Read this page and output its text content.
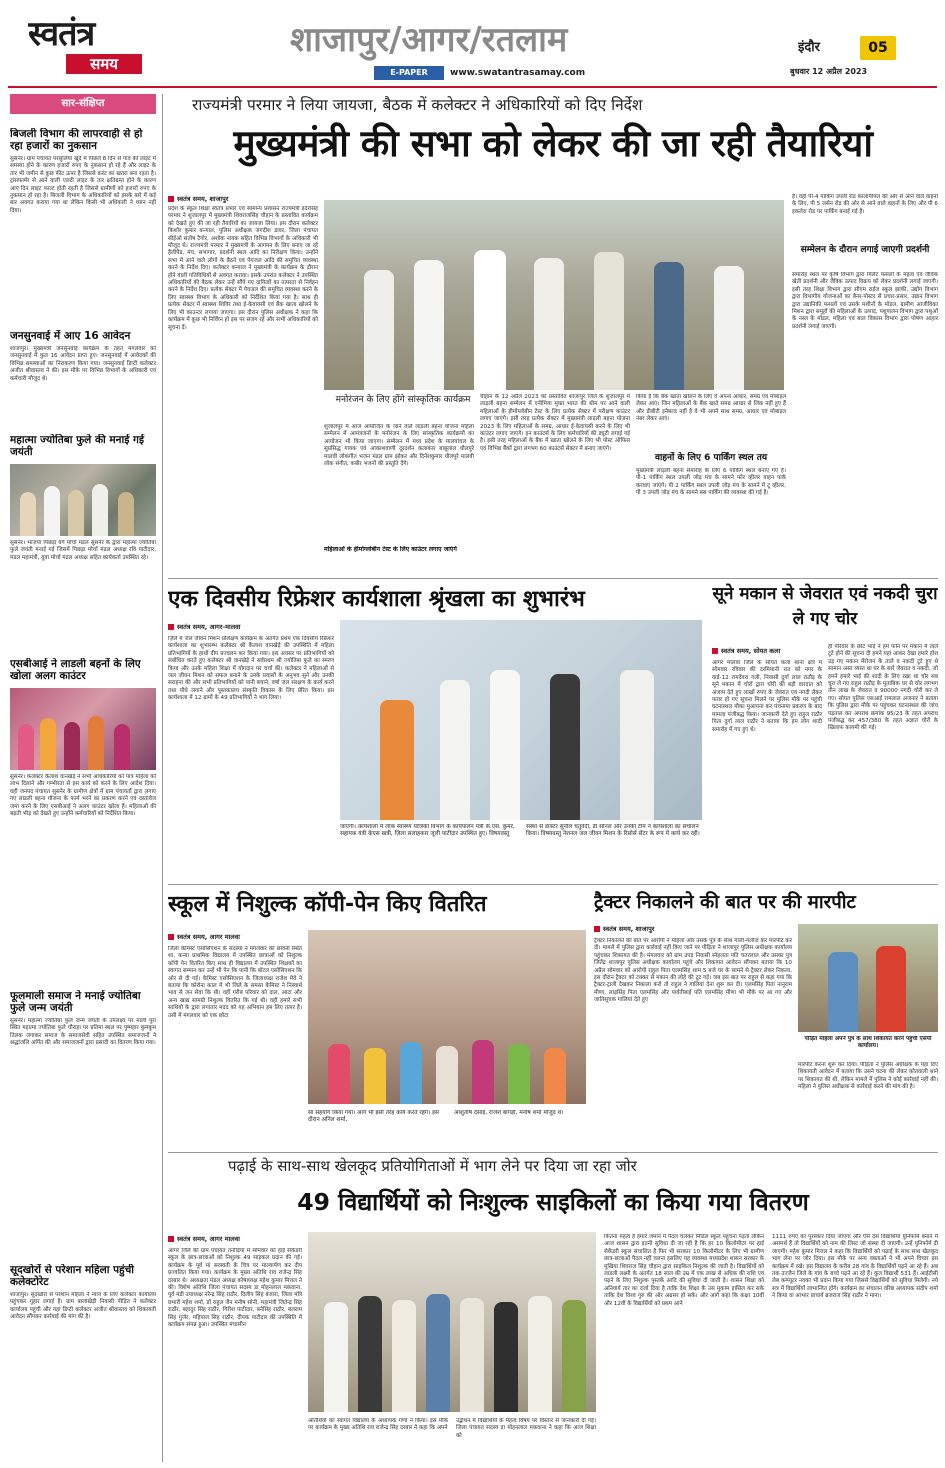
स्वतंत्र
समय
शाजापुर/आगर/रतलाम
E-PAPER	www.swatantrasamay.com
इंदौर	05
बुधवार 12 अप्रैल 2023
सार-संक्षिप्त
बिजली विभाग की लापरवाही से हो रहा हजारों का नुकसान
सुसनेर। ग्राम पंचायत परसुलिया खुर्द में पिछले 8 दिन से गांव की लाइट में समस्या होने के कारण हजारों रुपए के नुकसान हो रहे हैं और लाइट के तार भी जमीन से कुछ फीट ऊपर है जिससे करंट का खतरा बना रहता है। ट्रांसफार्मर से आने वाली एलटी लाइट के तार क्षतिग्रस्त होने के कारण आए दिन लाइट फाल्ट होती रहती है जिससे ग्रामीणों को हजारों रुपए के नुकसान हो रहा है। बिजली विभाग के अधिकारियों को इसके बारे में कई बार अवगत कराया गया था लेकिन किसी भी अधिकारी ने ध्यान नहीं दिया।
जनसुनवाई में आए 16 आवेदन
शाजापुर। मुख्यमंत्री जनसुनवाई कार्यक्रम के तहत मंगलवार को जनसुनवाई में कुल 16 आवेदन प्राप्त हुए। जनसुनवाई में आवेदकों की विभिन्न समस्याओं का निराकरण किया गया। जनसुनवाई डिप्टी कलेक्टर अजीत श्रीवास्तव ने की। इस मौके पर विभिन्न विभागों के अधिकारी एवं कर्मचारी मौजूद थे।
महात्मा ज्योतिबा फुले की मनाई गई जयंती
सुसनेर। भाजपा पिछड़ा वर्ग मोर्चा मंडल सुसनेर के द्वारा महात्मा ज्योतिबा फुले जयंती मनाई गई जिसमें पिछड़ा मोर्चा मंडल अध्यक्ष रवि पाटीदार, मंडल महामंत्री, युवा मोर्चा मंडल अध्यक्ष सहित कार्यकर्ता उपस्थित रहे।
एसबीआई ने लाडली बहनों के लिए खोला अलग काउंटर
सुसनेर। कलेक्टर कैलाश वानखेड़े ने सभी अधिकारियों को पात्र महिला को लाभ दिलाने और गम्भीरता से इस कार्य को करने के लिए आदेश दिया। वहीं जनपद पंचायत सुसनेर के ग्रामीण क्षेत्रों में ग्राम पंचायतों द्वारा लगाए गए लाडली बहना योजना के फार्म भरने का प्रकरण करने एवं दस्तावेज जमा करने के लिए एसबीआई ने अलग काउंटर खोला है। महिलाओं की बढ़ती भीड़ को देखते हुए उन्होंने कर्मचारियों को निर्देशित किया।
फूलमाली समाज ने मनाई ज्योतिबा फुले जन्म जयंती
सुसनेर। महात्मा ज्योतिबा फुले जन्म जयंती के उपलक्ष्य पर माली पुरा स्थित महात्मा ज्योतिबा फुले चौराहा पर प्रतिमा स्थल पर पुष्पहार कुमकुम तिलक लगाकर समाज के समाजसेवी सहित उपस्थित समाजजनों ने श्रद्धांजलि अर्पित की और समाजजनों द्वारा प्रसादी का वितरण किया गया।
सूदखोरों से परेशान महिला पहुंची कलेक्टोरेट
शाजापुर। सूदखोरों से परेशान महिला ने न्याय के लिए कलेक्टर कार्यालय पहुंचकर गुहार लगाई है। ग्राम बालाखेड़ी निवासी पीड़ित ने कलेक्टर कार्यालय पहुंची और यहां डिप्टी कलेक्टर अजीत श्रीवास्तव को शिकायती आवेदन सौंपकर कार्रवाई की मांग की है।
राज्यमंत्री परमार ने लिया जायजा, बैठक में कलेक्टर ने अधिकारियों को दिए निर्देश
मुख्यमंत्री की सभा को लेकर की जा रही तैयारियां
स्वतंत्र समय, शाजापुर
प्रदेश के स्कूल शिक्षा स्वतंत्र प्रभार एवं सामान्य प्रशासन राज्यमंत्री इंदरसिंह परमार ने शुजालपुर में मुख्यमंत्री शिवराजसिंह चौहान के प्रस्तावित कार्यक्रम को देखते हुए की जा रही तैयारियों का जायजा लिया। इस दौरान कलेक्टर किशोर कुमार कन्याल, पुलिस अधीक्षक जगदीश डावर, जिला पंचायत सीईओ संतोष टैगोर, अशोक नायक सहित विभिन्न विभागों के अधिकारी भी मौजूद थे। राज्यमंत्री परमार ने मुख्यमंत्री के आगमन के लिए बनाए जा रहे हैलीपैड, मंच, सभागार, प्रदर्शनी स्थल आदि का निरीक्षण किया। उन्होंने सभा में आने वाले लोगों के बैठने एवं पेयजल आदि की समुचित व्यवस्था करने के निर्देश दिए। कलेक्टर कन्याल ने मुख्यमंत्री के कार्यक्रम के दौरान होने वाली गतिविधियों से अवगत कराया। इसके उपरांत कलेक्टर ने उपस्थित अधिकारियों की बैठक लेकर उन्हें सौंपे गए दायित्वों का तत्परता से निर्वहन करने के निर्देश दिए। प्रत्येक सेक्टर में पेयजल की समुचित व्यवस्था करने के लिए स्वास्थ्य विभाग के अधिकारी को निर्देशित किया गया है। साथ ही प्रत्येक सेक्टर में स्वास्थ्य शिविर तथा ई-केवायसी एवं बैंक खाता खोलने के लिए भी काउन्टर लगाया जाएगा। इस दौरान पुलिस अधीक्षक ने कहा कि कार्यक्रम में कुछ भी निर्विघ्न हो इस पर सजग रहें और सभी अधिकारियों को सूचना दें।
मनोरंजन के लिए होंगे सांस्कृतिक कार्यक्रम
शुजालपुर में आज आयोजित के जाने वाले लाडली बहना योजना महिला सम्मेलन में आमंत्रजनों के मनोरंजन के लिए सांस्कृतिक कार्यक्रमों का आयोजन भी किया जाएगा। सम्मेलन में मध्य प्रदेश के मालवांचल के सुप्रसिद्ध गायक एवं आकाशवाणी दूरदर्शन कलाकार बाबूलाल धौलपुरे मालवी लोकगीत भजन मंडल ग्राम झोकर और दिनेशकुमार धौलपुरे मालवी लोक संगीत, कबीर भजनों की प्रस्तुति देंगे।
महिलाओं के हीमोग्लोबीन टेस्ट के लिए काउंटर लगाए जाएंगे
चौहान के 12 अप्रैल 2023 को प्रस्तावित शाजापुर जिले के शुजालपुर में लाड़ली बहना सम्मेलन में एनीमिया मुक्त भारत की थीम पर आने वाली महिलाओं के हीमोग्लोबीन टेस्ट के लिए प्रत्येक सेक्टर में परीक्षण काउंटर लगाए जाएंगे। इसी तरह प्रत्येक सेक्टर में मुख्यमंत्री लाड़ली बहना योजना 2023 के लिए महिलाओं के समग्र, आधार ई-केवायसी करने के लिए भी काउंटर लगाए जाएंगे। इन काउंटर्स के लिए कर्मचारियों की ड्यूटी लगाई गई है। इसी तरह महिलाओं के बैंक में खाता खोलने के लिए भी पोस्ट ऑफिस एवं विभिन्न बैंकों द्वारा लगभग 60 काउंटर्स सेक्टर में बनाए जाएंगे।
किया है कि बैंक खाता खोलने के लिए वे अपना आधार, समग्र एवं मोबाइल लेकर आएं। जिन महिलाओं के बैंक खाते समग्र आधार से लिंक नहीं हुए हैं और डीबीटी इनेबल्ड नहीं है वे भी अपने साथ समग्र, आधार एवं मोबाइल नंबर लेकर आएं।
वाहनों के लिए 6 पार्किंग स्थल तय
मुख्यमंत्री लाड़ली बहना समारोह के लिए 6 पार्किंग स्थल बनाए गए हैं। पी-1 पार्किंग स्थल उपली जोड़ मंच के सामने फोर व्हीलर वाहन पार्क करवाए जाएंगे। पी 2 पार्किंग स्थल उपली जोड़ मंच के सामने में टू व्हीलर, पी 3 उपली जोड़ मंच के सामने बस पार्किंग की व्यवस्था की गई है।
है। वहीं पी-4 पार्किंग उपली रोड कालापीपल की ओर से आने वाले वाहनों के लिए, पी 5 लसेन रोड की ओर से आने वाले वाहनों के लिए और पी 6 इकलेरा रोड पर पार्किंग बनाई गई है।
सम्मेलन के दौरान लगाई जाएगी प्रदर्शनी
समारोह स्थल पर कृषि विभाग द्वारा मिलेट फसलों के महत्व एवं जैविक खेती प्रदर्शनी और जैविक उत्पाद विक्रय को लेकर प्रदर्शनी लगाई जाएगी। इसी तरह शिक्षा विभाग द्वारा सीएम राईज स्कूल झांकी, उद्योग विभाग द्वारा विभागीय योजनाओं का बैनर-पोस्टर से प्रचार-प्रसार, उद्यान विभाग द्वारा उद्यानिकी फसलों एवं उसके मशीनों के मॉडल, ग्रामीण आजीविका मिशन द्वारा समूहों की महिलाओं के उत्पाद, पशुपालन विभाग द्वारा पशुओं के नस्ल के मॉडल, महिला एवं बाल विकास विभाग द्वारा पोषण आहार प्रदर्शनी लगाई जाएगी।
एक दिवसीय रिफ्रेशर कार्यशाला श्रृंखला का शुभारंभ
स्वतंत्र समय, आगर-मालवा
ज़िले में जल जीवन मिशन प्रशिक्षण कार्यक्रम के अंतर्गत प्रथम एक दिवसीय रिफ्रेशर कार्यशाला का शुभारम्भ कलेक्टर श्री कैलाश वानखेड़े की उपस्थिति में महिला प्रतिभागियों के हाथों दीप प्रज्वलन कर किया गया। इस अवसर पर प्रतिभागियों को संबोधित करते हुए कलेक्टर श्री वानखेड़े ने सर्वप्रथम श्री ज्योतिबा फुले का स्मरण किया और उनके महिला शिक्षा में योगदान पर चर्चा की। कलेक्टर ने महिलाओं से जल जीवन मिशन को सफल बनाने के उनके प्रयासों के अनुभव सुने और उनकी सराहना की और सभी प्रतिभागियों को पानी बचाने, वर्षा जल संरक्षण के कार्य करने तथा पौधे लगाने और पुस्तकालय संस्कृति विकास के लिए प्रेरित किया। इस कार्यशाला में 12 ग्रामों के 49 प्रतिभागियों ने भाग लिया।
जाएगी। कार्यशाला में लोक स्वास्थ्य यांत्रिकी विभाग के कार्यपालन यंत्री के.एस. कुमरे, सहायक यंत्री केएस खत्री, ज़िला सलाहकार जूली पाटीदार उपस्थित हुए। विषयवस्तु
संस्था से डॉक्टर सुनील चतुर्वेदी, डी सोनल और उनकी टीम ने कार्यशाला का संचालन किया। विषयवस्तु नेशनल जल जीवन मिशन के रिसोर्स सेंटर के रूप में कार्य कर रही।
सूने मकान से जेवरात एवं नकदी चुरा ले गए चोर
स्वतंत्र समय, सोयत कला
आगर मालवा जिले के सोयत कला थाना क्षेत्र में सोमवार रविवार की दरमियानी रात को नगर के वार्ड-12 रामदेवरा गली, निवासी दुर्गा लाल राठौड़ के सूने मकान में चोरों द्वारा चोरी की बड़ी वारदात को अंजाम देते हुए लाखों रुपए के जेवरात एवं नगदी लेकर फरार हो गए सूचना मिलने पर पुलिस मौके पर पहुंची घटनास्थल मौका मुआयना कर पंचनामा प्रकरण के बाद मामला पंजीबद्ध किया। जानकारी देते हुए राहुल राठौर पिता दुर्गा लाल राठौर ने बताया कि हम लोग शादी समारोह में गए हुए थे।
ही परिवार के छोटे भाई ने हमें फोन पर मकान में ताले टूटे होने की सूचना दी हमने यहां आकर देखा हमारे होश उड़ गए मकान मेंरोजन के ताले व नकदी टूटे हुए थे सामान अस्त व्यस्त था घर के सारे जेवरात व नकदी, जो हमने हमारे भाई की शादी के लिए रखा था चोर सब चुरा ले गए राहुल राठौड़ के मुताबिक घर से चोर लगभग तीन लाख के जेवरात व 90000 नगदी चोरी कर ले गए। सोयत पुलिस एसआई रामलाल अजनार ने बताया कि पुलिस द्वारा मौके पर पहुंचकर घटनास्थल की जांच पड़ताल कर अपराध क्रमांक 95/23 के तहत अपराध पंजीबद्ध कर 457/380 के तहत अज्ञात चोरों के खिलाफ कायमी की गई।
स्कूल में निशुल्क कॉपी-पेन किए वितरित
स्वतंत्र समय, आगर मालवा
जिला केमिस्ट एसोसिएशन के सदस्यों ने मंगलवार को छावनी स्थित शा. कन्या प्राथमिक विद्यालय में उपस्थित छात्राओं को निशुल्क कॉपी पेन वितरित किए साथ ही विद्यालय में उपस्थित शिक्षकों का स्वागत सम्मान कर उन्हें भी पेन कि पानी कि बॉटल एसोसिएशन कि ओर से दी गई। केमिस्ट एसोसिएशन के जिलाध्यक्ष राजेश मेवे ने बताया कि कोरोना काल में भी जिले के समस्त केमिस्ट ने निस्वार्थ भाव से जन सेवा कि थी। वहीं गरीब परिवार को दाल, आटा और अन्य खाद्य सामग्री निशुल्क वितरित कि गई थी। वहीं हमारे सभी साथियो के द्वारा लगातार मदद को यह अभियान हम लिए तत्पर है। उसी में मंगलवार को एक छोटा
सा सहयोग किया गया। आगे भी इसी तरह कार्य करते रहेंगे। इस दौरान अनिल शर्मा,
आशुतोष देसाई, राजेश बागड़ी, मनीष शर्मा मौजूद थे।
ट्रैक्टर निकालने की बात पर की मारपीट
स्वतंत्र समय, शाजापुर
ट्रैक्टर निकालने की बात पर आरोपी ने महिला और उसके पुत्र के साथ गाली-गलौज कर मारपीट कर दी। मामले में पुलिस द्वारा कार्रवाई नहीं किए जाने पर पीड़िता ने शाजापुर पुलिस अधीक्षक कार्यालय पहुंचकर शिकायत की है। मंगलवार को ग्राम उपड़ निवासी स्नेहलता पति चतरलाल और उसका पुत्र जितेंद्र शाजापुर पुलिस अधीक्षक कार्यालय पहुंचे और शिकायत आवेदन सौंपकर बताया कि 10 अप्रैल सोमवार को आरोपी राहुल पिता एलमसिंह शाम 5 बजे घर के सामने से ट्रैक्टर लेकर निकला, इस दौरान ट्रैक्टर को टक्कर से मकान की लोहे की टूट गई। जब इस बात पर राहुल से कहा गया कि ट्रैक्टर-ट्राली देखकर निकाला करो तो राहुल ने गालियां देना शुरू कर दी। एलमसिंह पिता नानूराम मीणा, लाड़सिंह पिता एलमसिंह और पार्वतीबाई पति एलमसिंह मीणा भी मौके पर आ गए और जातिसूचक गालियां देते हुए
पीड़ित महिला अपने पुत्र के साथ शिकायत करने पहुंची एसपी कार्यालय।
मारपीट करना शुरू कर दिया। पीड़िता ने पुलिस अधीक्षक के यहां दिए शिकायती आवेदन में बताया कि उसने घटना की लेकर कोतवाली थाने पर शिकायत की थी, लेकिन मामले में पुलिस ने कोई कार्रवाई नहीं की। महिला ने पुलिस अधीक्षक से कार्रवाई करने की मांग की है।
पढ़ाई के साथ-साथ खेलकूद प्रतियोगिताओं में भाग लेने पर दिया जा रहा जोर
49 विद्यार्थियों को निःशुल्क साइकिलों का किया गया वितरण
स्वतंत्र समय, आगर मालवा
आगर जिले की ग्राम पंचायत तनोड़िया में सोमवार को हाई सेकेंडरी स्कूल के छात्र-छात्राओं को निशुल्क 49 साइकल प्रदान की गई। कार्यक्रम के पूर्व मां सरस्वती के चित्र पर माल्यार्पण कर दीप प्रज्वलित किया गया। कार्यक्रम के मुख्य अतिथि राव राजेन्द्र सिंह दरबार थे। अध्यक्षता मंडल अध्यक्ष कोषाध्यक्ष महेश कुमार मित्तल ने की। विशेष अतिथि जिला पंचायत सदस्य डा मोहनलाल मकवाना, पूर्व मंडी उपाध्यक्ष नरेन्द्र सिंह राठौर, दिलीप सिंह बंजारा, जिला मंत्रि प्रभारी महेश शर्मा, डॉ राहुल जैन मनीष सोनी, महामंत्री जितेन्द्र सिंह राठौर, बहादुर सिंह राठौर, गिरीश पाटीदार, बनेसिंह राठौर, बलराम सिंह गुर्जर, महिपाल सिंह राठौर, दीपक पाटीदार की उपस्थिति में कार्यक्रम संपन्न हुआ। उपस्थित मंचासीन
अतिथियों का स्वागत विद्यालय के अध्यापक गणों ने किया। इस मौके पर कार्यक्रम के मुख्य अतिथि राव राजेन्द्र सिंह दरबार ने कहा कि अपने
उद्बोधन में विद्यार्थियों के महत्व विषय पर विस्तार से जानकारी दी गई। जिला पंचायत सदस्य डा मोहनलाल मकवाना ने कहा कि आज शिक्षा को
कितना महत्व है हमारे जमाने में पैदल चलकर मिडिल स्कूल पहुंचना पड़ता लेकिन आज शासन द्वारा इतनी सुविधा दी जा रही है कि हर 10 किलोमीटर पर हाई सेकेंडरी स्कूल संचालित है फिर भी सरकार 10 किलोमीटर के लिए भी ग्रामीण छात्र-छात्राओं पैदल नहीं चलना इसलिए यह व्यवस्था मध्यप्रदेश शासन सरकार के मुखिया शिवराज सिंह चौहान द्वारा साइकिल निशुल्क की जाती है। विद्यार्थियों को लाडली लक्ष्मी के अंतर्गत 18 साल की उम्र में एक लाख से अधिक की राशि एवं पढ़ने के लिए निशुल्क पुस्तकें आदि की सुविधा दी जाती है। शासन शिक्षा को अनिवार्य तार का दर्जा दिया है ताकि देश शिक्षा के उस मुकाम हासिल कर सके ताकि देश विश्व गुरु की ओर अग्रसर हो सके। और आगे कहा कि कक्षा 10वीं और 12वीं के विद्यार्थियों को प्रथम आने
1111 रुपए का पुरस्कार दिया जाएगा और ऐसे दस विद्यार्थियों युनिफॉर्म बनाने में असमर्थ हैं तो विद्यार्थियों को नाम की लिस्ट जो संस्था दी जाएगी। उन्हें युनिफॉर्म दी जाएगी। महेश कुमार मित्तल ने कहा कि विद्यार्थियों को पढ़ाई के साथ साथ खेलकूद भाग लेना पर जोर दिया। इस मौके पर अन्य वक्ताओं ने भी अपने विचार इस कार्यक्रम में रखे। इस विद्यालय के करीब 28 गांव के विद्यार्थियों पढ़ने आ रहे हैं। अब तक उज्जैन जिले के गांव के बच्चे पढ़ने आ रहे हैं। कुल विद्यार्थी 531 हैं। आईटीसी लेब कम्प्यूटर नवका भी प्रदान किया गया जिससे विद्यार्थियों को सुविधा मिलेगी। नये सत्र में विद्यार्थियों लाभान्वित होंगे। कार्यक्रम का संचालन वरिष्ठ अध्यापक संदीप शर्मा ने किया वा आभार प्राचार्य ब्रजराज सिंह राठौर ने माना।
